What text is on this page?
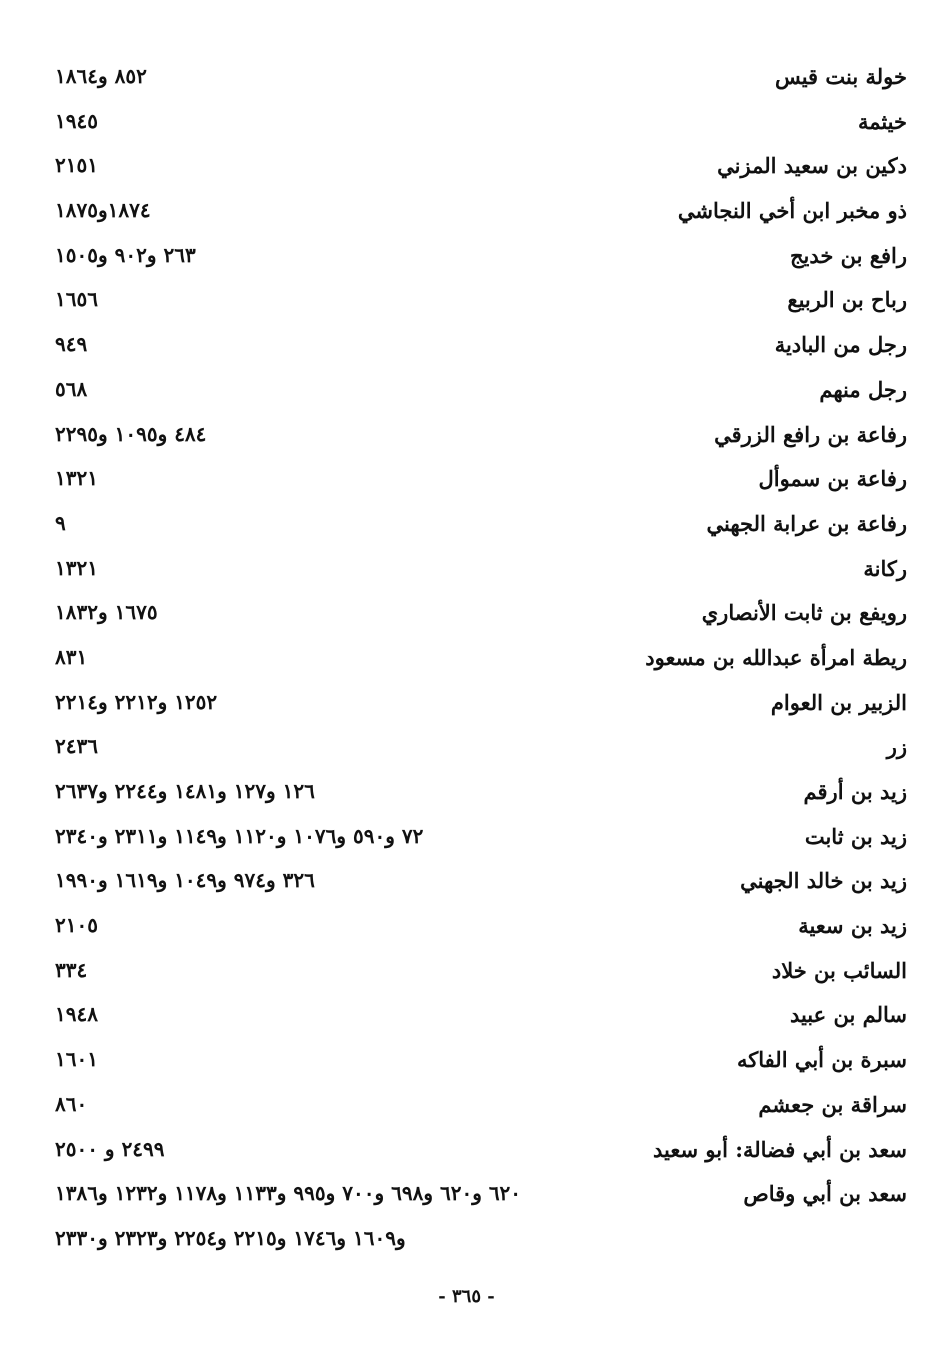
خولة بنت قيس
٨٥٢ و١٨٦٤
خيثمة
١٩٤٥
دكين بن سعيد المزني
٢١٥١
ذو مخبر ابن أخي النجاشي
١٨٧٤و١٨٧٥
رافع بن خديج
٢٦٣ و٩٠٢ و١٥٠٥
رباح بن الربيع
١٦٥٦
رجل من البادية
٩٤٩
رجل منهم
٥٦٨
رفاعة بن رافع الزرقي
٤٨٤ و١٠٩٥ و٢٢٩٥
رفاعة بن سموأل
١٣٢١
رفاعة بن عرابة الجهني
٩
ركانة
١٣٢١
رويفع بن ثابت الأنصاري
١٦٧٥ و١٨٣٢
ريطة امرأة عبدالله بن مسعود
٨٣١
الزبير بن العوام
١٢٥٢ و٢٢١٢ و٢٢١٤
زر
٢٤٣٦
زيد بن أرقم
١٢٦ و١٢٧ و١٤٨١ و٢٢٤٤ و٢٦٣٧
زيد بن ثابت
٧٢ و٥٩٠ و١٠٧٦ و١١٢٠ و١١٤٩ و٢٣١١ و٢٣٤٠
زيد بن خالد الجهني
٣٢٦ و٩٧٤ و١٠٤٩ و١٦١٩ و١٩٩٠
زيد بن سعية
٢١٠٥
السائب بن خلاد
٣٣٤
سالم بن عبيد
١٩٤٨
سبرة بن أبي الفاكه
١٦٠١
سراقة بن جعشم
٨٦٠
سعد بن أبي فضالة: أبو سعيد
٢٤٩٩ و ٢٥٠٠
سعد بن أبي وقاص
٦٢٠ و٦٢٠ و٦٩٨ و٧٠٠ و٩٩٥ و١١٣٣ و١١٧٨ و١٢٣٢ و١٣٨٦
و١٦٠٩ و١٧٤٦ و٢٢١٥ و٢٢٥٤ و٢٣٢٣ و٢٣٣٠
- ٣٦٥ -
